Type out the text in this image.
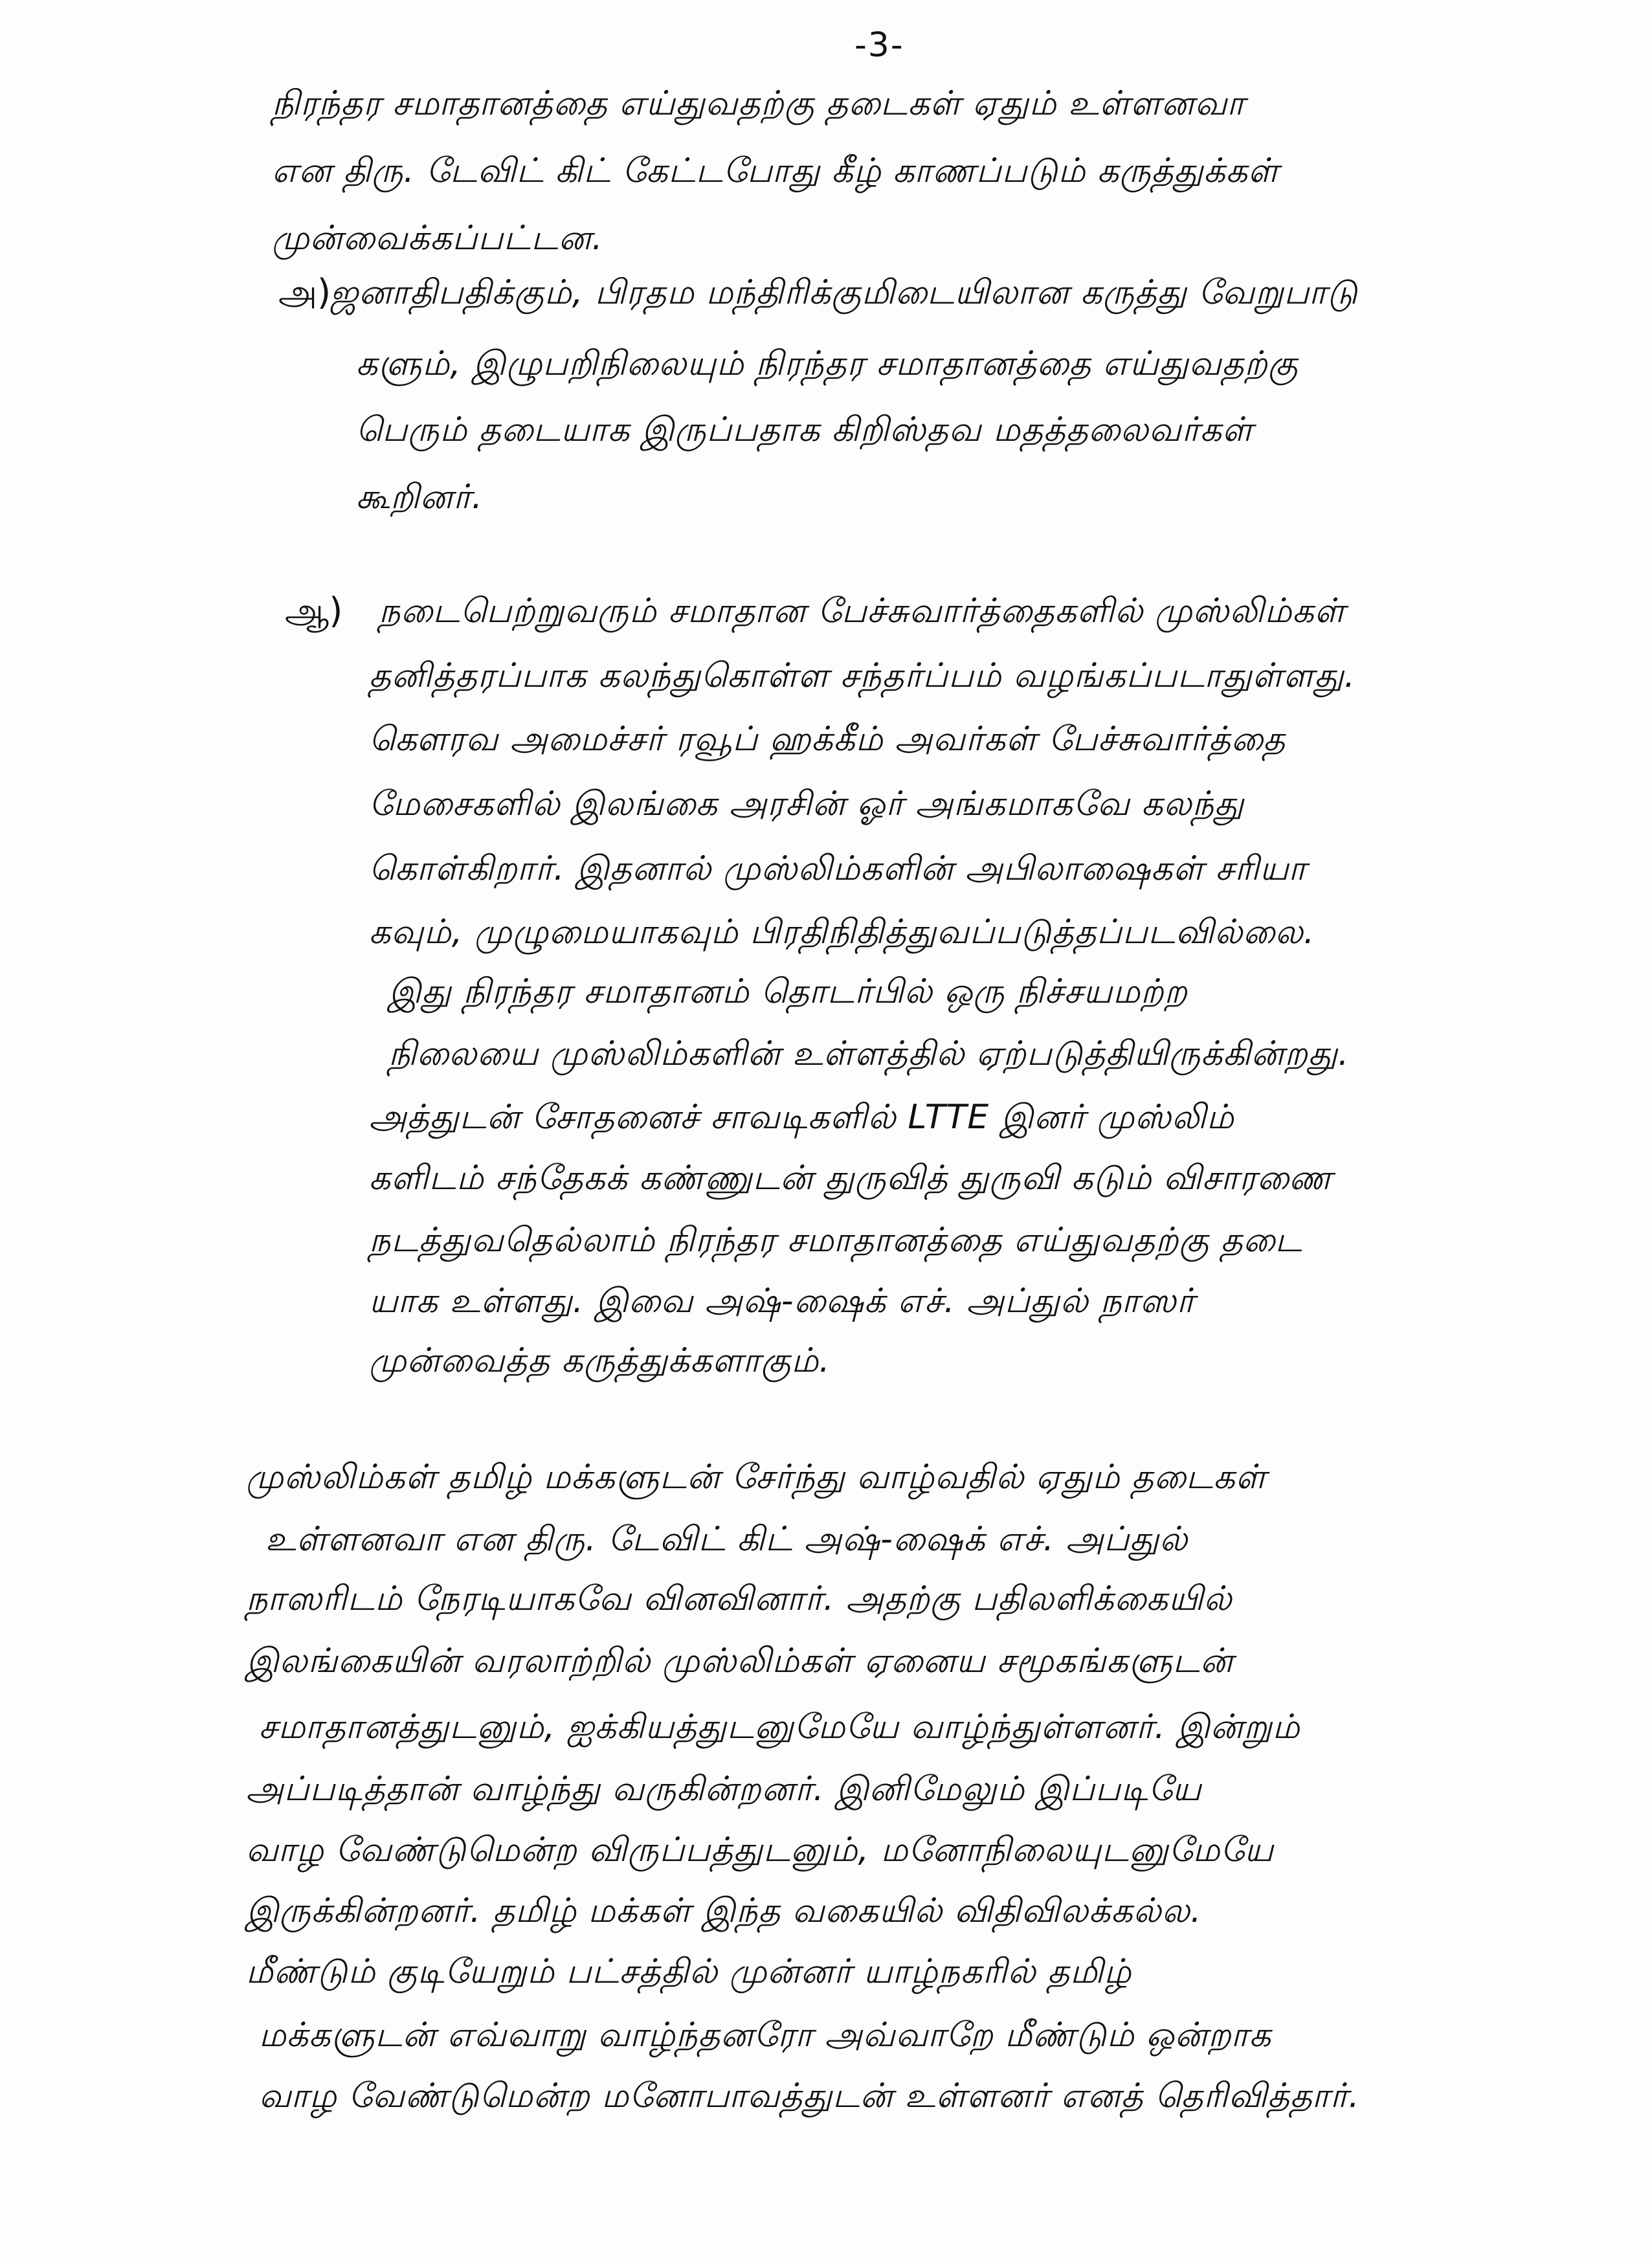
-3-
நிரந்தர சமாதானத்தை எய்துவதற்கு தடைகள் ஏதும் உள்ளனவா
என திரு. டேவிட் கிட் கேட்டபோது கீழ் காணப்படும் கருத்துக்கள்
முன்வைக்கப்பட்டன.
அ)
ஜனாதிபதிக்கும், பிரதம மந்திரிக்குமிடையிலான கருத்து வேறுபாடு
களும், இழுபறிநிலையும் நிரந்தர சமாதானத்தை எய்துவதற்கு
பெரும் தடையாக இருப்பதாக கிறிஸ்தவ மதத்தலைவர்கள்
கூறினர்.
ஆ) நடைபெற்றுவரும் சமாதான பேச்சுவார்த்தைகளில் முஸ்லிம்கள்
தனித்தரப்பாக கலந்துகொள்ள சந்தர்ப்பம் வழங்கப்படாதுள்ளது.
கௌரவ அமைச்சர் ரவூப் ஹக்கீம் அவர்கள் பேச்சுவார்த்தை
மேசைகளில் இலங்கை அரசின் ஓர் அங்கமாகவே கலந்து
கொள்கிறார். இதனால் முஸ்லிம்களின் அபிலாஷைகள் சரியா
கவும், முழுமையாகவும் பிரதிநிதித்துவப்படுத்தப்படவில்லை.
இது நிரந்தர சமாதானம் தொடர்பில் ஒரு நிச்சயமற்ற
நிலையை முஸ்லிம்களின் உள்ளத்தில் ஏற்படுத்தியிருக்கின்றது.
அத்துடன் சோதனைச் சாவடிகளில் LTTE இனர் முஸ்லிம்
களிடம் சந்தேகக் கண்ணுடன் துருவித் துருவி கடும் விசாரணை
நடத்துவதெல்லாம் நிரந்தர சமாதானத்தை எய்துவதற்கு தடை
யாக உள்ளது. இவை அஷ்-ஷைக் எச். அப்துல் நாஸர்
முன்வைத்த கருத்துக்களாகும்.
முஸ்லிம்கள் தமிழ் மக்களுடன் சேர்ந்து வாழ்வதில் ஏதும் தடைகள்
உள்ளனவா என திரு. டேவிட் கிட் அஷ்-ஷைக் எச். அப்துல்
நாஸரிடம் நேரடியாகவே வினவினார். அதற்கு பதிலளிக்கையில்
இலங்கையின் வரலாற்றில் முஸ்லிம்கள் ஏனைய சமூகங்களுடன்
சமாதானத்துடனும், ஐக்கியத்துடனுமேயே வாழ்ந்துள்ளனர். இன்றும்
அப்படித்தான் வாழ்ந்து வருகின்றனர். இனிமேலும் இப்படியே
வாழ வேண்டுமென்ற விருப்பத்துடனும், மனோநிலையுடனுமேயே
இருக்கின்றனர். தமிழ் மக்கள் இந்த வகையில் விதிவிலக்கல்ல.
மீண்டும் குடியேறும் பட்சத்தில் முன்னர் யாழ்நகரில் தமிழ்
மக்களுடன் எவ்வாறு வாழ்ந்தனரோ அவ்வாறே மீண்டும் ஒன்றாக
வாழ வேண்டுமென்ற மனோபாவத்துடன் உள்ளனர் எனத் தெரிவித்தார்.
